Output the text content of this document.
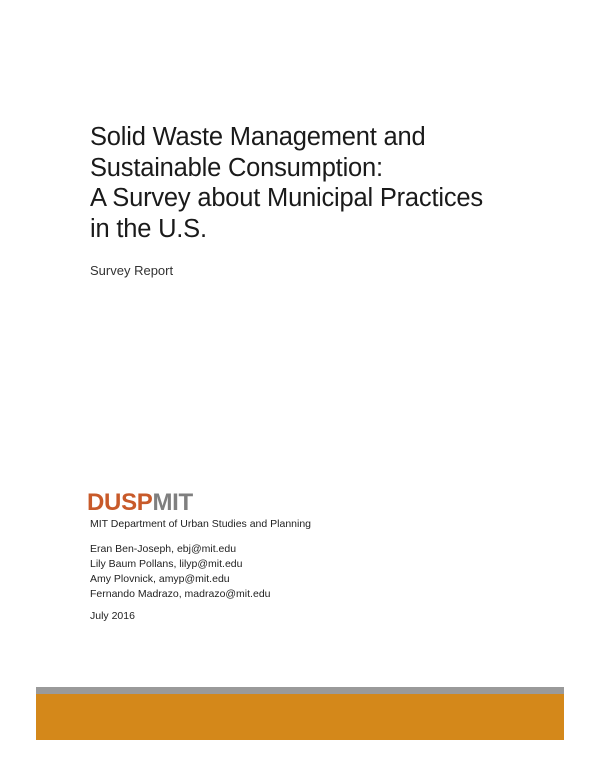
Solid Waste Management and
Sustainable Consumption:
A Survey about Municipal Practices
in the U.S.
Survey Report
DUSPMIT
MIT Department of Urban Studies and Planning
Eran Ben-Joseph, ebj@mit.edu
Lily Baum Pollans, lilyp@mit.edu
Amy Plovnick, amyp@mit.edu
Fernando Madrazo, madrazo@mit.edu
July 2016
